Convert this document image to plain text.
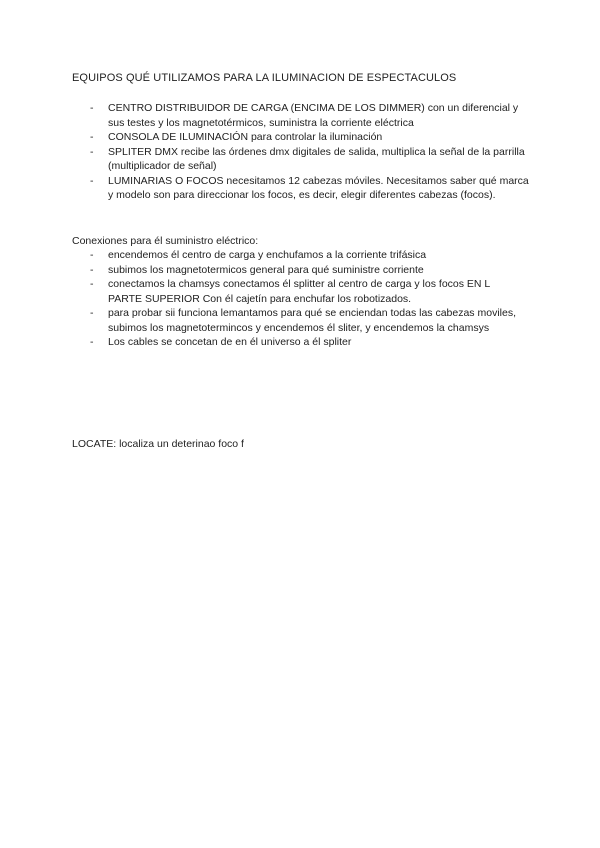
EQUIPOS QUÉ UTILIZAMOS PARA LA ILUMINACION DE ESPECTACULOS
- CENTRO DISTRIBUIDOR DE CARGA (ENCIMA DE LOS DIMMER) con un diferencial y sus testes y los magnetotérmicos, suministra la corriente eléctrica
- CONSOLA DE ILUMINACIÓN para controlar la iluminación
- SPLITER DMX recibe las órdenes dmx digitales de salida, multiplica la señal de la parrilla (multiplicador de señal)
- LUMINARIAS O FOCOS necesitamos 12 cabezas móviles. Necesitamos saber qué marca y modelo son para direccionar los focos, es decir, elegir diferentes cabezas (focos).
Conexiones para él suministro eléctrico:
- encendemos él centro de carga y enchufamos a la corriente trifásica
- subimos los magnetotermicos general para qué suministre corriente
- conectamos la chamsys conectamos él splitter al centro de carga y los focos EN L PARTE SUPERIOR Con él cajetín para enchufar los robotizados.
- para probar sii funciona lemantamos para qué se enciendan todas las cabezas moviles, subimos los magnetotermincos y encendemos él sliter, y encendemos la chamsys
- Los cables se concetan de en él universo a él spliter
LOCATE: localiza un deterinao foco f
